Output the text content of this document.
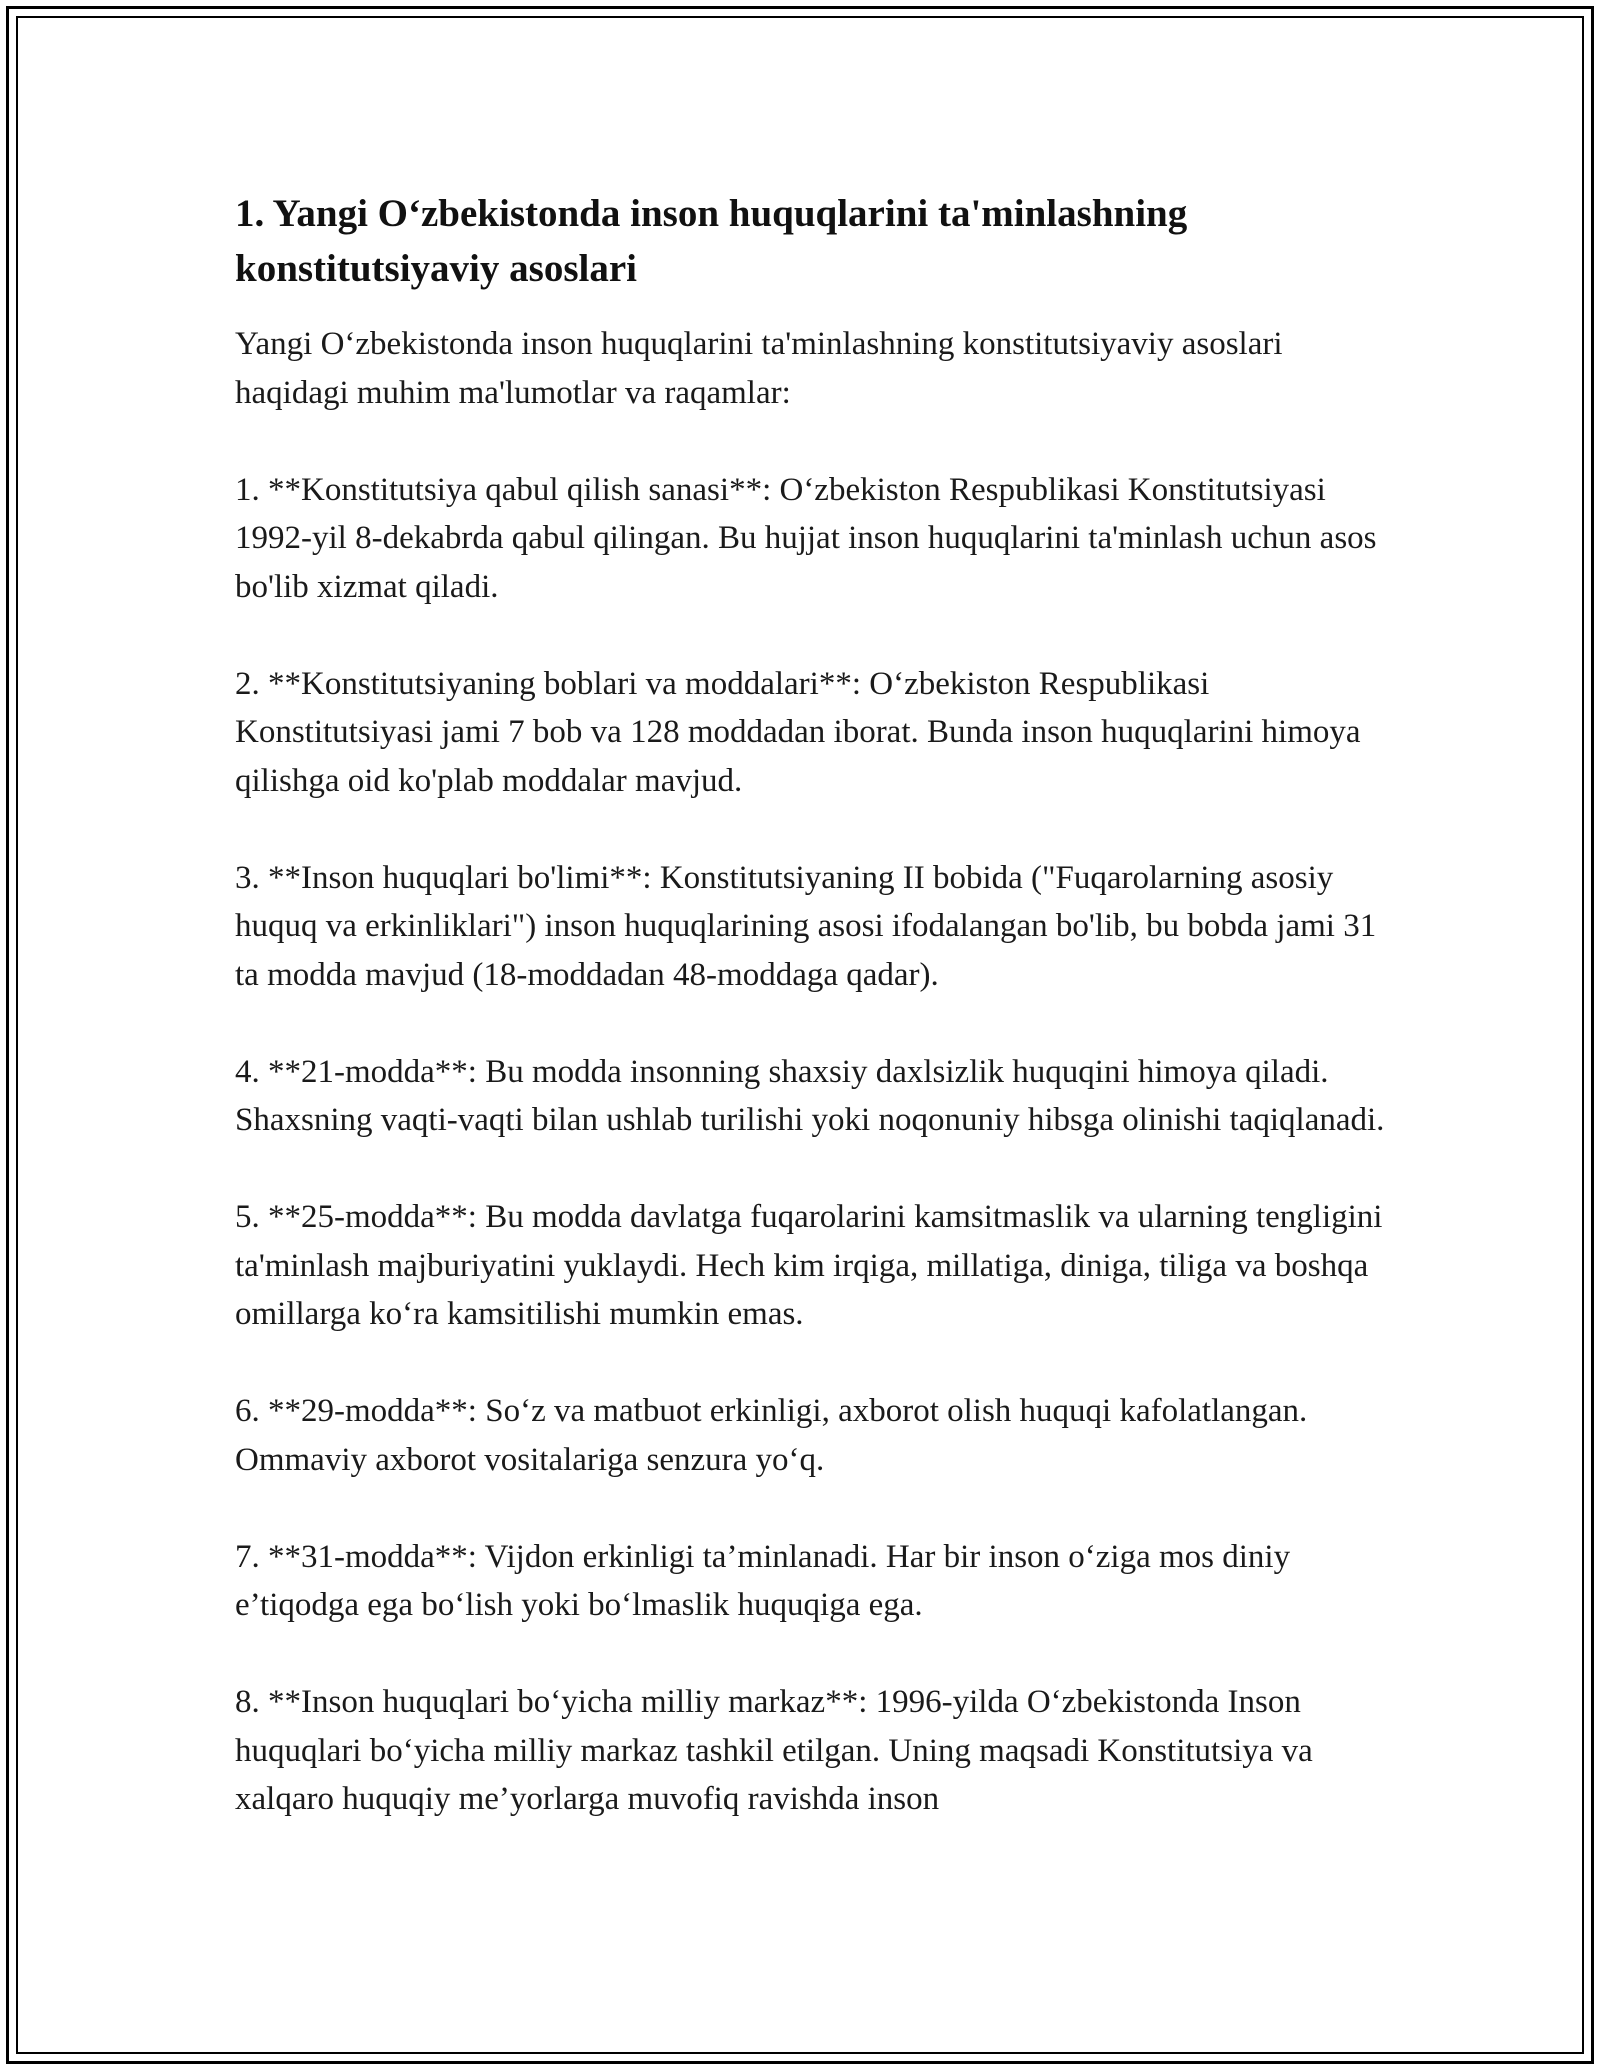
1. Yangi O‘zbekistonda inson huquqlarini ta'minlashning konstitutsiyaviy asoslari

Yangi O‘zbekistonda inson huquqlarini ta'minlashning konstitutsiyaviy asoslari haqidagi muhim ma'lumotlar va raqamlar:

1. **Konstitutsiya qabul qilish sanasi**: O‘zbekiston Respublikasi Konstitutsiyasi 1992-yil 8-dekabrda qabul qilingan. Bu hujjat inson huquqlarini ta'minlash uchun asos bo'lib xizmat qiladi.

2. **Konstitutsiyaning boblari va moddalari**: O‘zbekiston Respublikasi Konstitutsiyasi jami 7 bob va 128 moddadan iborat. Bunda inson huquqlarini himoya qilishga oid ko'plab moddalar mavjud.

3. **Inson huquqlari bo'limi**: Konstitutsiyaning II bobida ("Fuqarolarning asosiy huquq va erkinliklari") inson huquqlarining asosi ifodalangan bo'lib, bu bobda jami 31 ta modda mavjud (18-moddadan 48-moddaga qadar).

4. **21-modda**: Bu modda insonning shaxsiy daxlsizlik huquqini himoya qiladi. Shaxsning vaqti-vaqti bilan ushlab turilishi yoki noqonuniy hibsga olinishi taqiqlanadi.

5. **25-modda**: Bu modda davlatga fuqarolarini kamsitmaslik va ularning tengligini ta'minlash majburiyatini yuklaydi. Hech kim irqiga, millatiga, diniga, tiliga va boshqa omillarga ko‘ra kamsitilishi mumkin emas.

6. **29-modda**: So‘z va matbuot erkinligi, axborot olish huquqi kafolatlangan. Ommaviy axborot vositalariga senzura yo‘q.

7. **31-modda**: Vijdon erkinligi ta’minlanadi. Har bir inson o‘ziga mos diniy e’tiqodga ega bo‘lish yoki bo‘lmaslik huquqiga ega.

8. **Inson huquqlari bo‘yicha milliy markaz**: 1996-yilda O‘zbekistonda Inson huquqlari bo‘yicha milliy markaz tashkil etilgan. Uning maqsadi Konstitutsiya va xalqaro huquqiy me’yorlarga muvofiq ravishda inson
